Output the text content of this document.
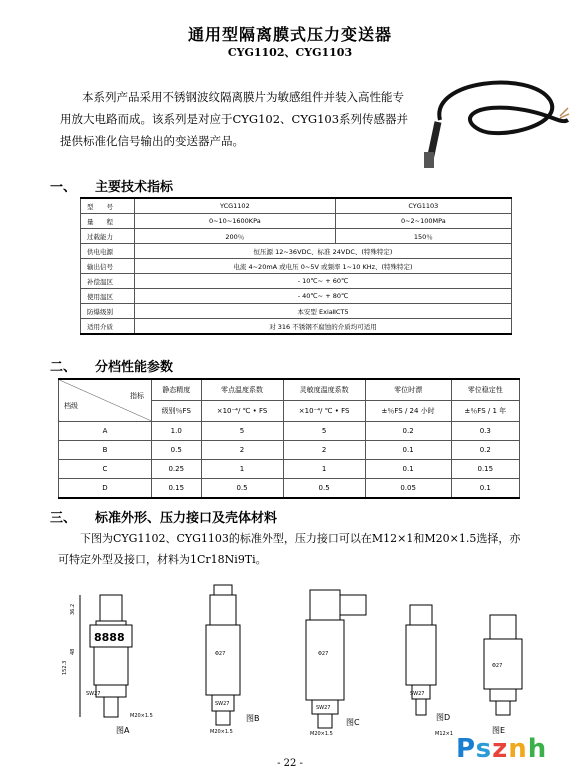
通用型隔离膜式压力变送器
CYG1102、CYG1103
本系列产品采用不锈钢波纹隔离膜片为敏感组件并装入高性能专用放大电路而成。该系列是对应于CYG102、CYG103系列传感器并提供标准化信号输出的变送器产品。
一、 主要技术指标
型　　号	YCG1102	CYG1103
量　　程	0~10~1600KPa	0~2~100MPa
过载能力	200％	150％
供电电源	恒压源 12~36VDC、标准 24VDC、(特殊特定)	
输出信号	电流 4~20mA 或电压 0~5V 或频率 1~10 KHz、(特殊特定)	
补偿温区	- 10℃~ + 60℃	
使用温区	- 40℃~ + 80℃	
防爆级别	本安型 ExiaⅡCT5	
适用介质	对 316 不锈钢不腐蚀的介质均可适用	
二、 分档性能参数
指标
档级	静态精度	零点温度系数	灵敏度温度系数	零位时漂	零位稳定性
	级别％FS	×10⁻⁴/ ℃ • FS	×10⁻⁴/ ℃ • FS	±％FS / 24 小时	±％FS / 1 年
A	1.0	5	5	0.2	0.3
B	0.5	2	2	0.1	0.2
C	0.25	1	1	0.1	0.15
D	0.15	0.5	0.5	0.05	0.1
三、 标准外形、压力接口及壳体材料
下图为CYG1102、CYG1103的标准外型，压力接口可以在M12×1和M20×1.5选择，亦可特定外型及接口，材料为1Cr18Ni9Ti。
8888
36.2
48
152.3
SW27
M20×1.5
图A
Φ27
SW27
M20×1.5
图B
Φ27
SW27
M20×1.5
图C
SW27
M12×1
图D
Φ27
图E
- 22 -	Psznh
